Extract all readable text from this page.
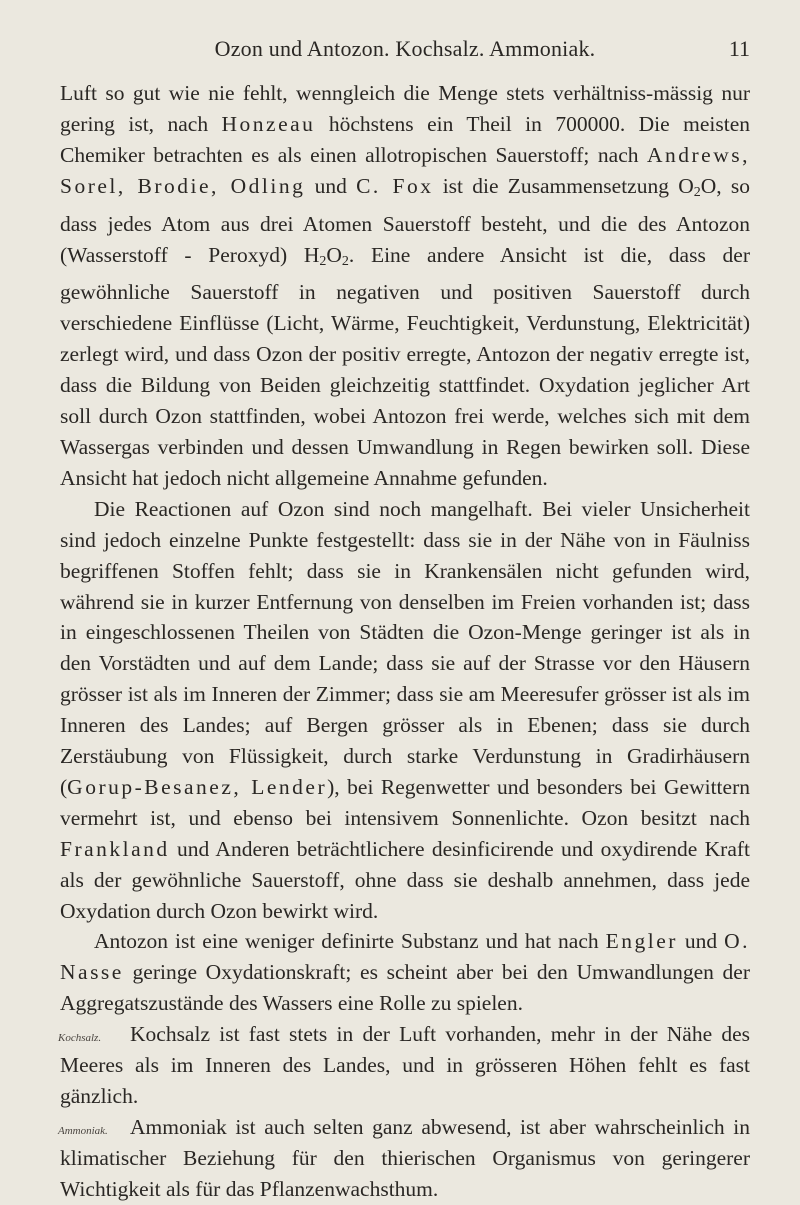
Ozon und Antozon. Kochsalz. Ammoniak.	11

Luft so gut wie nie fehlt, wenngleich die Menge stets verhältniss-mässig nur gering ist, nach Honzeau höchstens ein Theil in 700000. Die meisten Chemiker betrachten es als einen allotropischen Sauerstoff; nach Andrews, Sorel, Brodie, Odling und C. Fox ist die Zusammensetzung $O_2O$, so dass jedes Atom aus drei Atomen Sauerstoff besteht, und die des Antozon (Wasserstoff - Peroxyd) $H_2O_2$. Eine andere Ansicht ist die, dass der gewöhnliche Sauerstoff in negativen und positiven Sauerstoff durch verschiedene Einflüsse (Licht, Wärme, Feuchtigkeit, Verdunstung, Elektricität) zerlegt wird, und dass Ozon der positiv erregte, Antozon der negativ erregte ist, dass die Bildung von Beiden gleichzeitig stattfindet. Oxydation jeglicher Art soll durch Ozon stattfinden, wobei Antozon frei werde, welches sich mit dem Wassergas verbinden und dessen Umwandlung in Regen bewirken soll. Diese Ansicht hat jedoch nicht allgemeine Annahme gefunden.

Die Reactionen auf Ozon sind noch mangelhaft. Bei vieler Unsicherheit sind jedoch einzelne Punkte festgestellt: dass sie in der Nähe von in Fäulniss begriffenen Stoffen fehlt; dass sie in Krankensälen nicht gefunden wird, während sie in kurzer Entfernung von denselben im Freien vorhanden ist; dass in eingeschlossenen Theilen von Städten die Ozon-Menge geringer ist als in den Vorstädten und auf dem Lande; dass sie auf der Strasse vor den Häusern grösser ist als im Inneren der Zimmer; dass sie am Meeresufer grösser ist als im Inneren des Landes; auf Bergen grösser als in Ebenen; dass sie durch Zerstäubung von Flüssigkeit, durch starke Verdunstung in Gradirhäusern (Gorup-Besanez, Lender), bei Regenwetter und besonders bei Gewittern vermehrt ist, und ebenso bei intensivem Sonnenlichte. Ozon besitzt nach Frankland und Anderen beträchtlichere desinficirende und oxydirende Kraft als der gewöhnliche Sauerstoff, ohne dass sie deshalb annehmen, dass jede Oxydation durch Ozon bewirkt wird.

Antozon ist eine weniger definirte Substanz und hat nach Engler und O. Nasse geringe Oxydationskraft; es scheint aber bei den Umwandlungen der Aggregatszustände des Wassers eine Rolle zu spielen.

Kochsalz.	Kochsalz ist fast stets in der Luft vorhanden, mehr in der Nähe des Meeres als im Inneren des Landes, und in grösseren Höhen fehlt es fast gänzlich.

Ammoniak.	Ammoniak ist auch selten ganz abwesend, ist aber wahrscheinlich in klimatischer Beziehung für den thierischen Organismus von geringerer Wichtigkeit als für das Pflanzenwachsthum.
